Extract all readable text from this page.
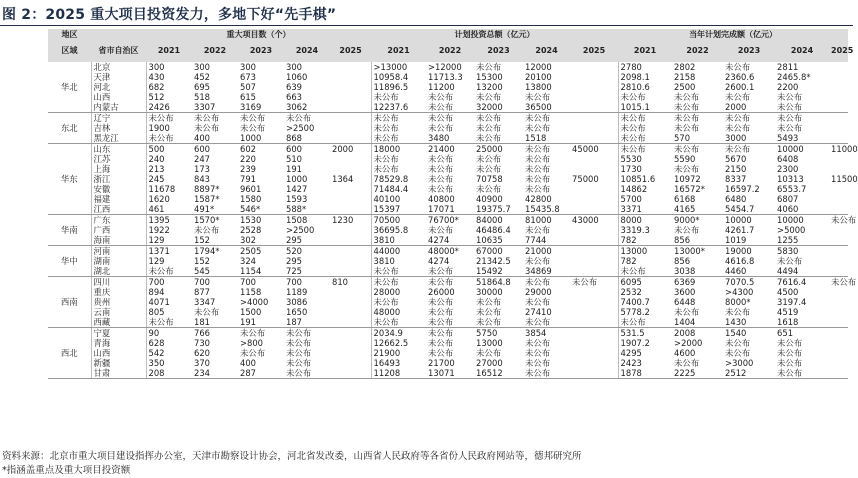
图 2：2025 重大项目投资发力，多地下好“先手棋”
地区		重大项目数（个）					计划投资总额（亿元）					当年计划完成额（亿元）				
区域	省市自治区	2021	2022	2023	2024	2025	2021	2022	2023	2024	2025	2021	2022	2023	2024	2025
华北	北京	300	300	300	300		>13000	>12000	未公布	12000		2780	2802	未公布	2811	
	天津	430	452	673	1060		10958.4	11713.3	15300	20100		2098.1	2158	2360.6	2465.8*	
	河北	682	695	507	639		11896.5	11200	13200	13800		2810.6	2500	2600.1	2200	
	山西	512	518	615	663		未公布	未公布	未公布	未公布		未公布	未公布	未公布	未公布	
	内蒙古	2426	3307	3169	3062		12237.6	未公布	32000	36500		1015.1	未公布	2000	未公布	
东北	辽宁	未公布	未公布	未公布	未公布		未公布	未公布	未公布	未公布		未公布	未公布	未公布	未公布	
	吉林	1900	未公布	未公布	>2500		未公布	未公布	未公布	未公布		未公布	未公布	未公布	未公布	
	黑龙江	未公布	400	1000	868		未公布	3480	未公布	1518		未公布	570	3000	5493	
华东	山东	500	600	602	600	2000	18000	21400	25000	未公布	45000	未公布	未公布	未公布	10000	11000
	江苏	240	247	220	510		未公布	未公布	未公布	未公布		5530	5590	5670	6408	
	上海	213	173	239	191		未公布	未公布	未公布	未公布		1730	未公布	2150	2300	
	浙江	245	843	791	1000	1364	78529.8	未公布	70758	未公布	75000	10851.6	10972	8337	10313	11500
	安徽	11678	8897*	9601	1427		71484.4	未公布	未公布	未公布		14862	16572*	16597.2	6553.7	
	福建	1620	1587*	1580	1593		40100	40800	40900	42800		5700	6168	6480	6807	
	江西	461	491*	546*	588*		15397	17071	19375.7	15435.8		3371	4165	5454.7	4060	
华南	广东	1395	1570*	1530	1508	1230	70500	76700*	84000	81000	43000	8000	9000*	10000	10000	未公布
	广西	1922	未公布	2528	>2500		36695.8	未公布	46486.4	未公布		3319.3	未公布	4261.7	>5000	
	海南	129	152	302	295		3810	4274	10635	7744		782	856	1019	1255	
华中	河南	1371	1794*	2505	520		44000	48000*	67000	21000		13000	13000*	19000	5830	
	湖南	129	152	324	295		3810	4274	21342.5	未公布		782	856	4616.8	未公布	
	湖北	未公布	545	1154	725		未公布	未公布	15492	34869		未公布	3038	4460	4494	
西南	四川	700	700	700	700	810	未公布	未公布	51864.8	未公布	未公布	6095	6369	7070.5	7616.4	未公布
	重庆	894	877	1158	1189		28000	26000	30000	29000		2532	3600	>4300	4500	
	贵州	4071	3347	>4000	3086		未公布	未公布	未公布	未公布		7400.7	6448	8000*	3197.4	
	云南	805	未公布	1500	1650		48000	未公布	未公布	27410		5778.2	未公布	未公布	4519	
	西藏	未公布	181	191	187		未公布	未公布	未公布	未公布		未公布	1404	1430	1618	
西北	宁夏	90	766	未公布	未公布		2034.9	未公布	5750	3854		531.5	2008	1540	651	
	青海	628	730	>800	未公布		12662.5	未公布	13000	未公布		1907.2	>2000	未公布	未公布	
	山西	542	620	未公布	未公布		21900	未公布	未公布	未公布		4295	4600	未公布	未公布	
	新疆	350	370	400	未公布		16493	21700	27000	未公布		2423	未公布	>3000	未公布	
	甘肃	208	234	287	未公布		11208	13071	16512	未公布		1878	2225	2512	未公布	
资料来源：北京市重大项目建设指挥办公室，天津市勘察设计协会，河北省发改委，山西省人民政府等各省份人民政府网站等，德邦研究所
*指涵盖重点及重大项目投资额
